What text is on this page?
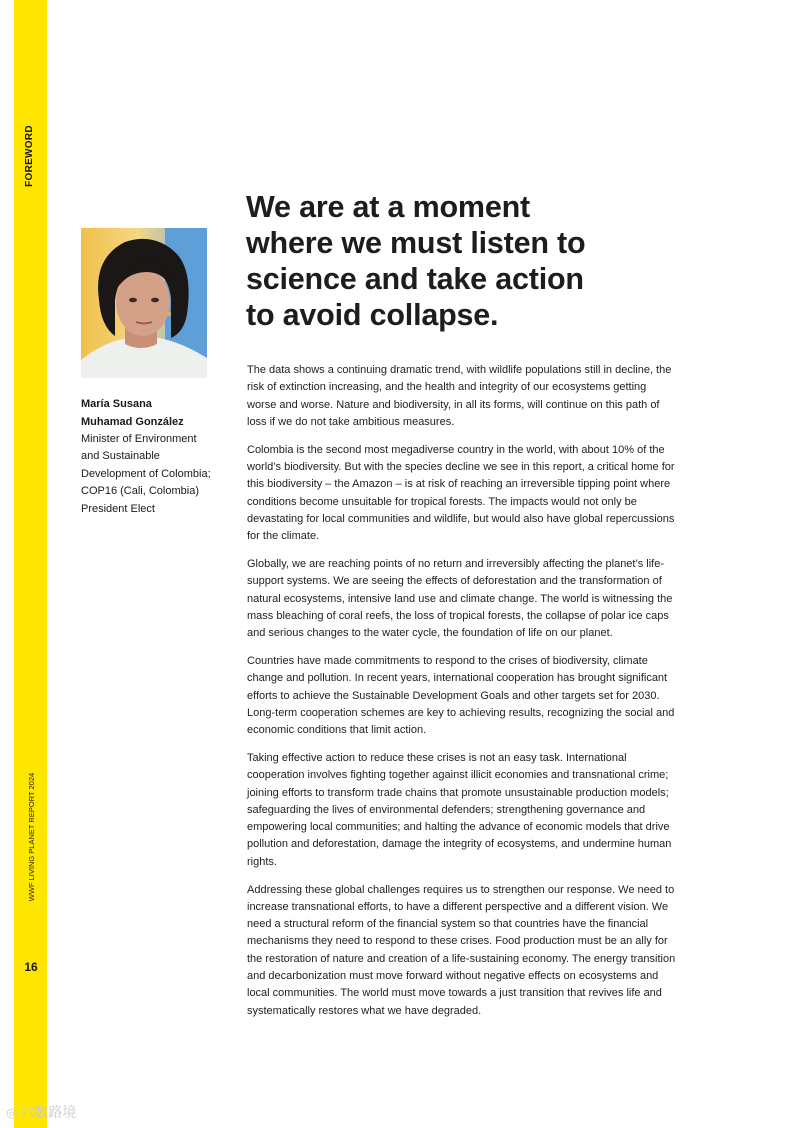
FOREWORD
WWF LIVING PLANET REPORT 2024
16
María Susana
Muhamad González
Minister of Environment
and Sustainable
Development of Colombia;
COP16 (Cali, Colombia)
President Elect
We are at a moment
where we must listen to
science and take action
to avoid collapse.

The data shows a continuing dramatic trend, with wildlife populations still in decline, the risk of extinction increasing, and the health and integrity of our ecosystems getting worse and worse. Nature and biodiversity, in all its forms, will continue on this path of loss if we do not take ambitious measures.

Colombia is the second most megadiverse country in the world, with about 10% of the world’s biodiversity. But with the species decline we see in this report, a critical home for this biodiversity – the Amazon – is at risk of reaching an irreversible tipping point where conditions become unsuitable for tropical forests. The impacts would not only be devastating for local communities and wildlife, but would also have global repercussions for the climate.

Globally, we are reaching points of no return and irreversibly affecting the planet’s life-support systems. We are seeing the effects of deforestation and the transformation of natural ecosystems, intensive land use and climate change. The world is witnessing the mass bleaching of coral reefs, the loss of tropical forests, the collapse of polar ice caps and serious changes to the water cycle, the foundation of life on our planet.

Countries have made commitments to respond to the crises of biodiversity, climate change and pollution. In recent years, international cooperation has brought significant efforts to achieve the Sustainable Development Goals and other targets set for 2030. Long-term cooperation schemes are key to achieving results, recognizing the social and economic conditions that limit action.

Taking effective action to reduce these crises is not an easy task. International cooperation involves fighting together against illicit economies and transnational crime; joining efforts to transform trade chains that promote unsustainable production models; safeguarding the lives of environmental defenders; strengthening governance and empowering local communities; and halting the advance of economic models that drive pollution and deforestation, damage the integrity of ecosystems, and undermine human rights.

Addressing these global challenges requires us to strengthen our response. We need to increase transnational efforts, to have a different perspective and a different vision. We need a structural reform of the financial system so that countries have the financial mechanisms they need to respond to these crises. Food production must be an ally for the restoration of nature and creation of a life-sustaining economy. The energy transition and decarbonization must move forward without negative effects on ecosystems and local communities. The world must move towards a just transition that revives life and systematically restores what we have degraded.

◎ 六数路境
